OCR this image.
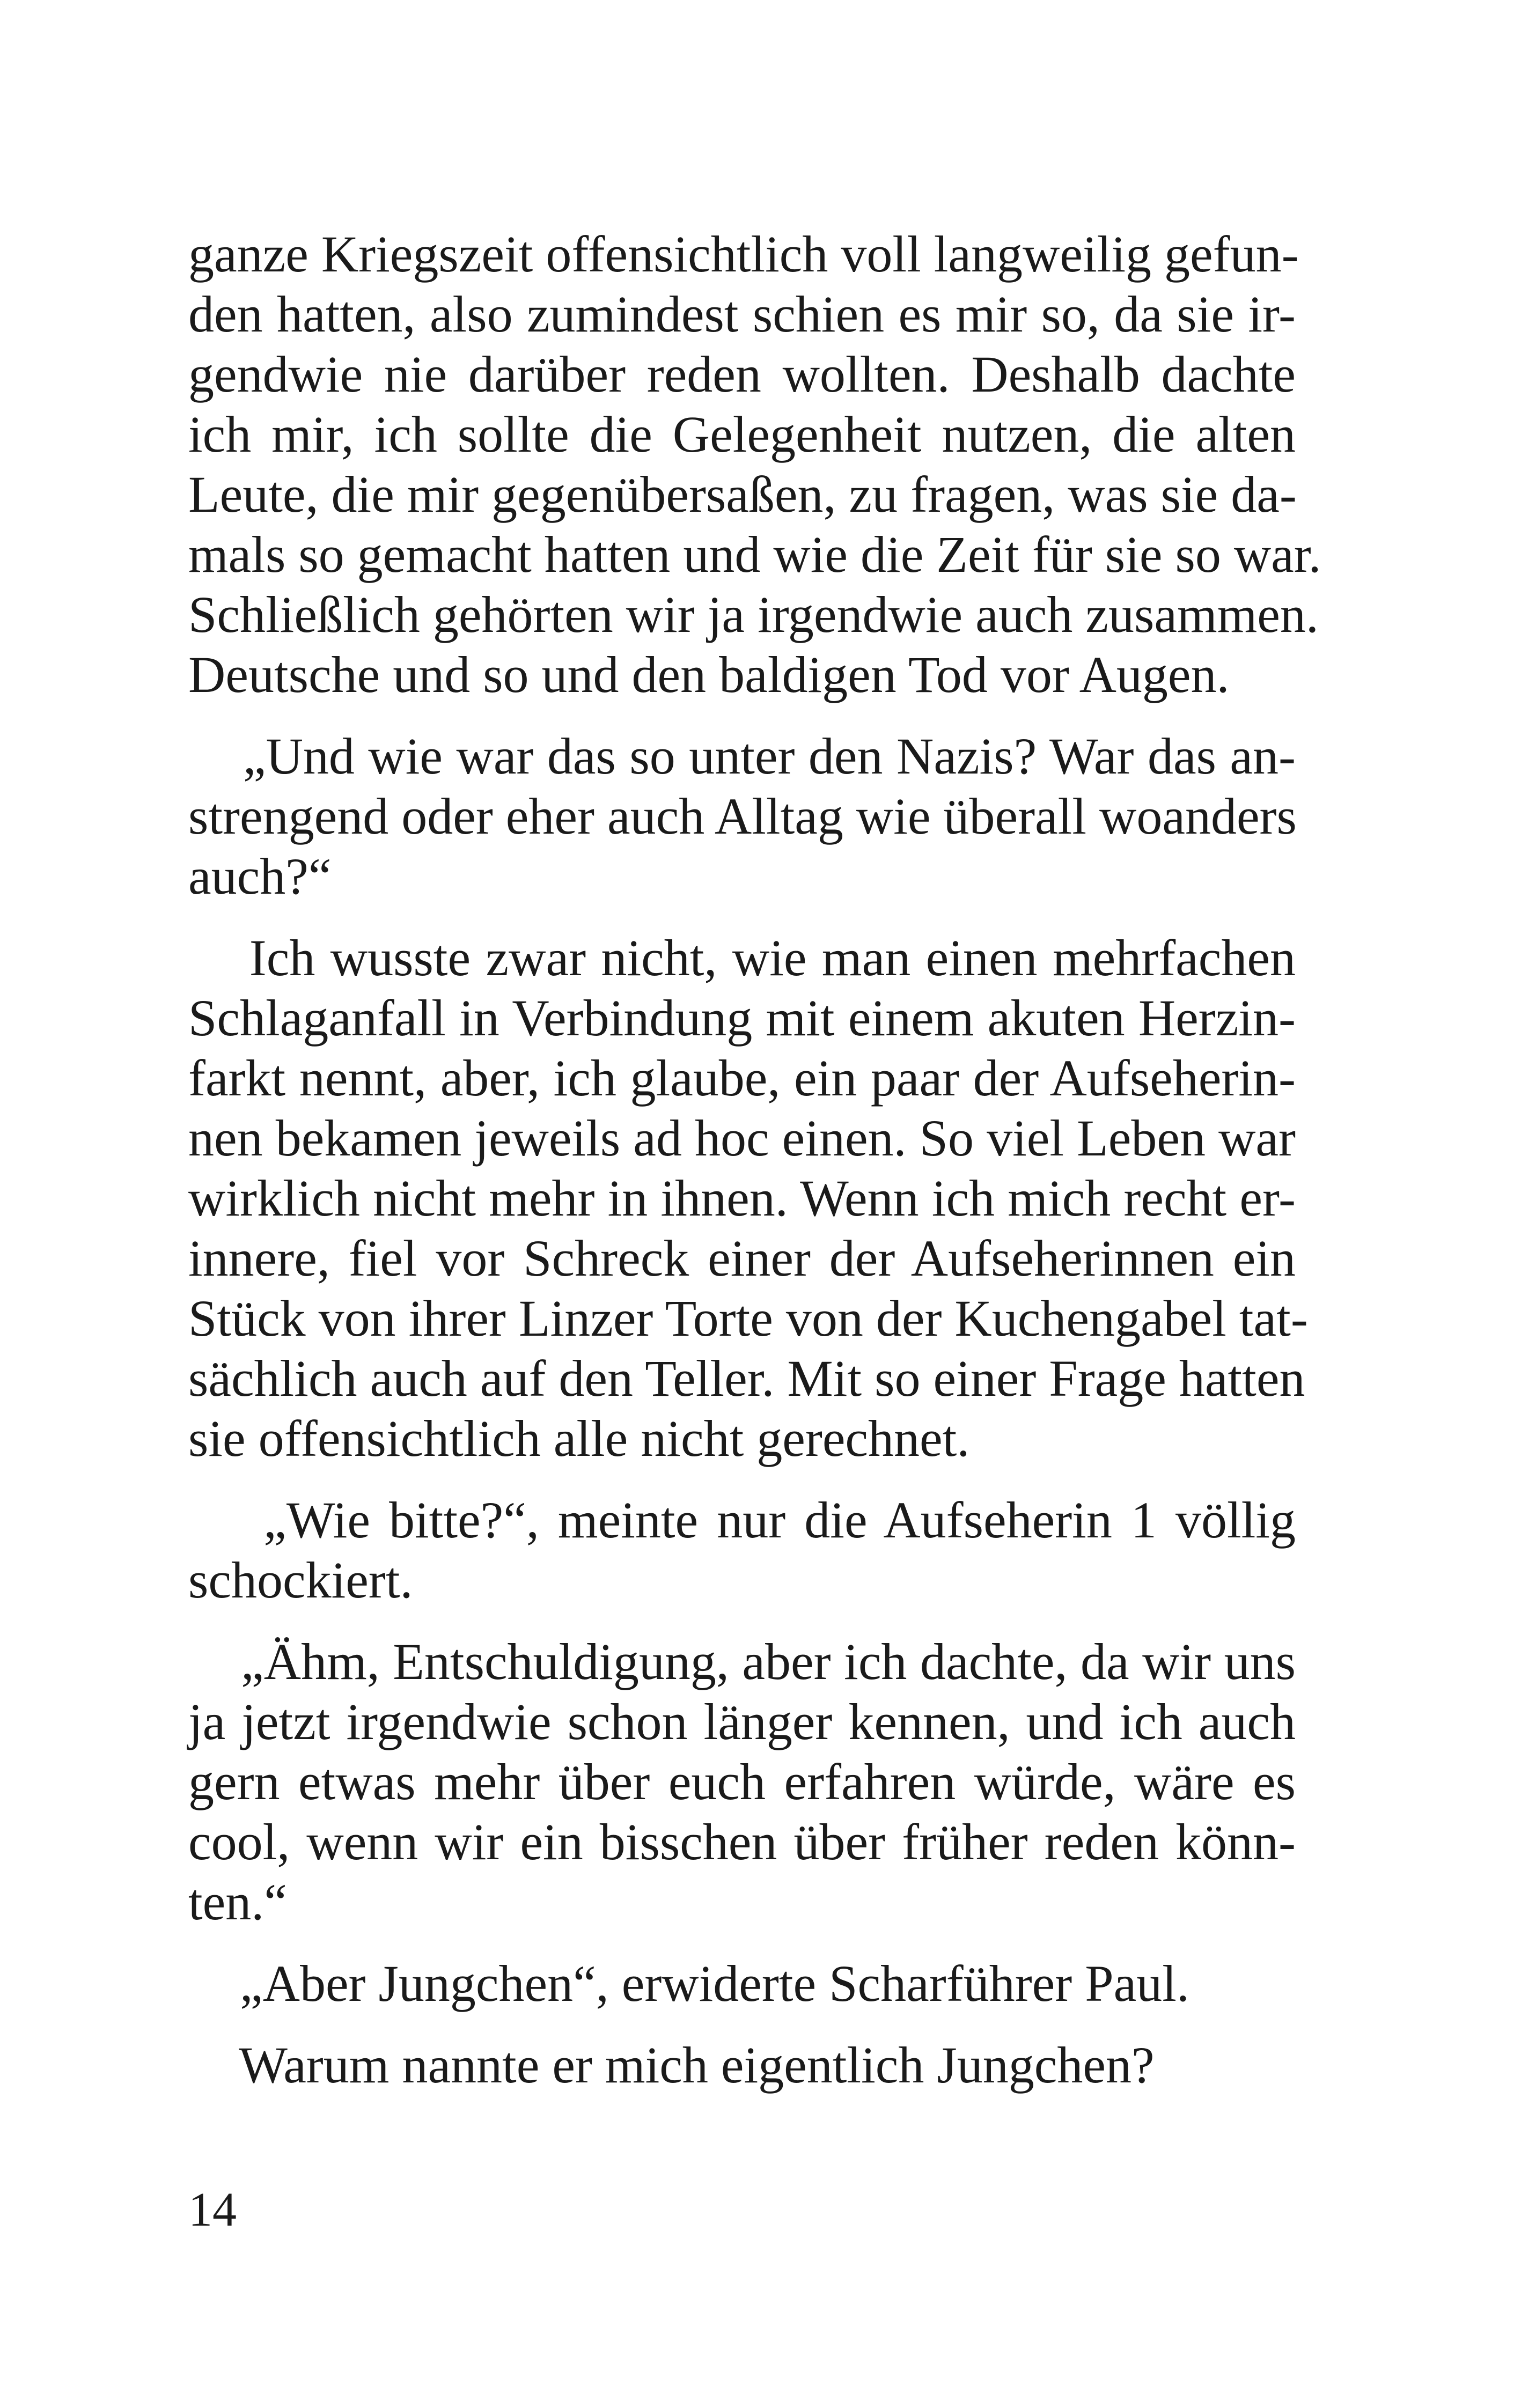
ganze Kriegszeit offensichtlich voll langweilig gefun-
den hatten, also zumindest schien es mir so, da sie ir-
gendwie nie darüber reden wollten. Deshalb dachte
ich mir, ich sollte die Gelegenheit nutzen, die alten
Leute, die mir gegenübersaßen, zu fragen, was sie da-
mals so gemacht hatten und wie die Zeit für sie so war.
Schließlich gehörten wir ja irgendwie auch zusammen.
Deutsche und so und den baldigen Tod vor Augen.
„Und wie war das so unter den Nazis? War das an-
strengend oder eher auch Alltag wie überall woanders
auch?“
Ich wusste zwar nicht, wie man einen mehrfachen
Schlaganfall in Verbindung mit einem akuten Herzin-
farkt nennt, aber, ich glaube, ein paar der Aufseherin-
nen bekamen jeweils ad hoc einen. So viel Leben war
wirklich nicht mehr in ihnen. Wenn ich mich recht er-
innere, fiel vor Schreck einer der Aufseherinnen ein
Stück von ihrer Linzer Torte von der Kuchengabel tat-
sächlich auch auf den Teller. Mit so einer Frage hatten
sie offensichtlich alle nicht gerechnet.
„Wie bitte?“, meinte nur die Aufseherin 1 völlig
schockiert.
„Ähm, Entschuldigung, aber ich dachte, da wir uns
ja jetzt irgendwie schon länger kennen, und ich auch
gern etwas mehr über euch erfahren würde, wäre es
cool, wenn wir ein bisschen über früher reden könn-
ten.“
„Aber Jungchen“, erwiderte Scharführer Paul.
Warum nannte er mich eigentlich Jungchen?
14
